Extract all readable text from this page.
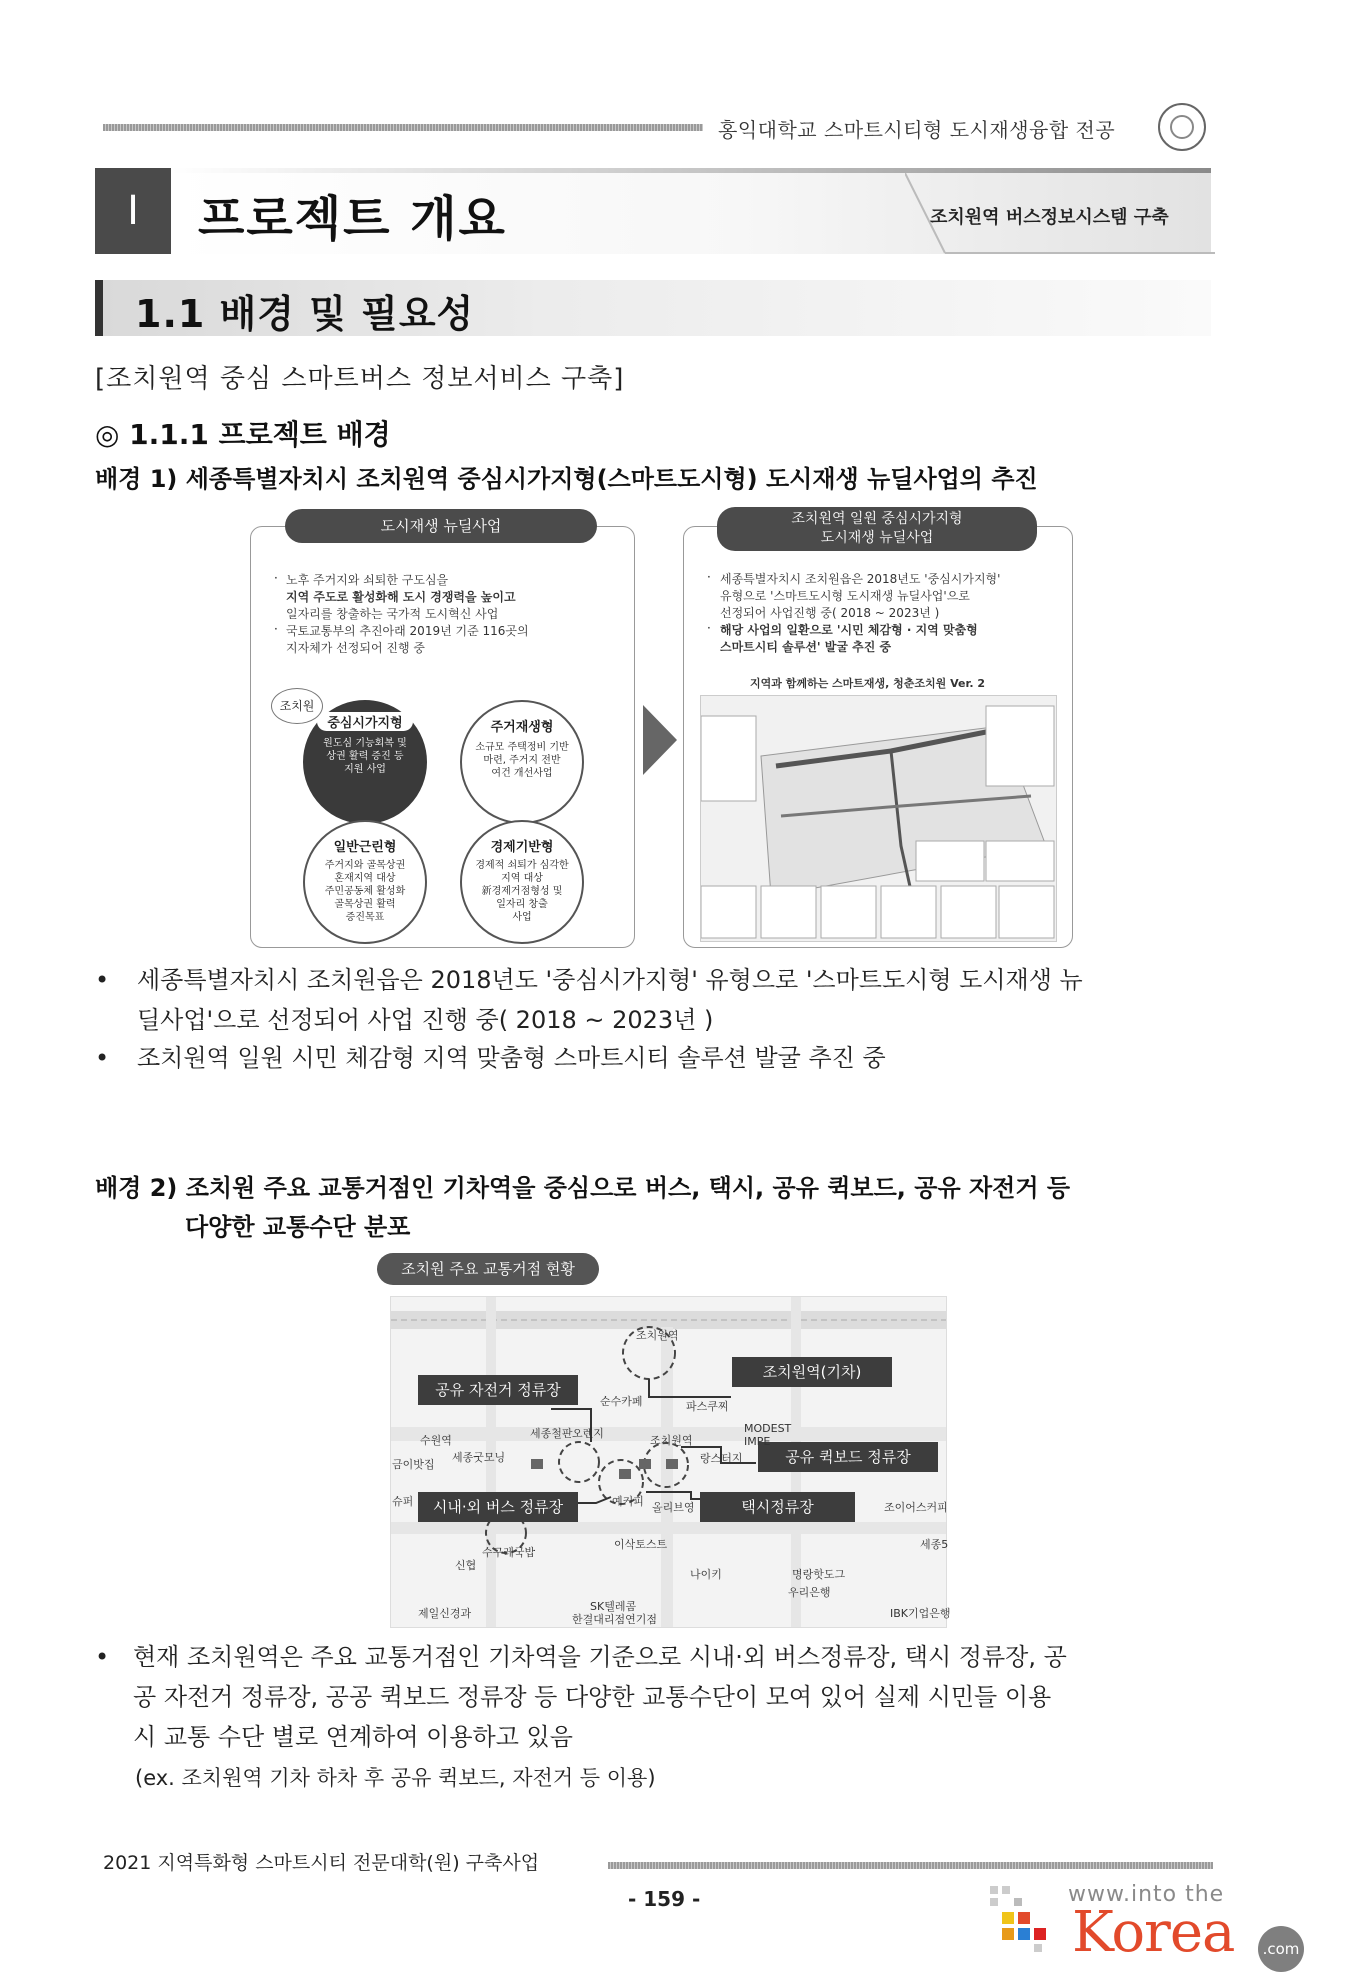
홍익대학교 스마트시티형 도시재생융합 전공
Ⅰ	프로젝트 개요	조치원역 버스정보시스템 구축
1.1 배경 및 필요성
[조치원역 중심 스마트버스 정보서비스 구축]
◎ 1.1.1 프로젝트 배경
배경 1) 세종특별자치시 조치원역 중심시가지형(스마트도시형) 도시재생 뉴딜사업의 추진
도시재생 뉴딜사업
노후 주거지와 쇠퇴한 구도심을
지역 주도로 활성화해 도시 경쟁력을 높이고
일자리를 창출하는 국가적 도시혁신 사업
국토교통부의 추진아래 2019년 기준 116곳의
지자체가 선정되어 진행 중
·
·
조치원
중심시가지형
원도심 기능회복 및
상권 활력 증진 등
지원 사업
주거재생형
소규모 주택정비 기반
마련, 주거지 전반
여건 개선사업
일반근린형
주거지와 골목상권
혼재지역 대상
주민공동체 활성화
골목상권 활력
증진목표
경제기반형
경제적 쇠퇴가 심각한
지역 대상
新경제거점형성 및
일자리 창출
사업
조치원역 일원 중심시가지형
도시재생 뉴딜사업
세종특별자치시 조치원읍은 2018년도 '중심시가지형'
유형으로 '스마트도시형 도시재생 뉴딜사업'으로
선정되어 사업진행 중( 2018 ~ 2023년 )
해당 사업의 일환으로 '시민 체감형 · 지역 맞춤형
스마트시티 솔루션' 발굴 추진 중
·
·
지역과 함께하는 스마트재생, 청춘조치원 Ver. 2
• 세종특별자치시 조치원읍은 2018년도 '중심시가지형' 유형으로 '스마트도시형 도시재생 뉴
딜사업'으로 선정되어 사업 진행 중( 2018 ~ 2023년 )
• 조치원역 일원 시민 체감형 지역 맞춤형 스마트시티 솔루션 발굴 추진 중
배경 2) 조치원 주요 교통거점인 기차역을 중심으로 버스, 택시, 공유 퀵보드, 공유 자전거 등
다양한 교통수단 분포
조치원 주요 교통거점 현황
조치원역(기차)
공유 자전거 정류장
공유 퀵보드 정류장
시내·외 버스 정류장	택시정류장
조치원역
순수카페	파스쿠찌
세종철판 오렌지	MODEST
IMPE
금이밧집
세종굿모닝
수원역	조치원역
랑스터지
슈퍼	예커피 올리브영	조이어스커피
이삭토스트
수구레국밥
신협
세종5
나이키	명랑핫도그
우리은행
SK텔레콤
한결대리점연기점
제일신경과	IBK기업은행
• 현재 조치원역은 주요 교통거점인 기차역을 기준으로 시내·외 버스정류장, 택시 정류장, 공
공 자전거 정류장, 공공 퀵보드 정류장 등 다양한 교통수단이 모여 있어 실제 시민들 이용
시 교통 수단 별로 연계하여 이용하고 있음
(ex. 조치원역 기차 하차 후 공유 퀵보드, 자전거 등 이용)
2021 지역특화형 스마트시티 전문대학(원) 구축사업
- 159 -	www.into the
Korea	.com
